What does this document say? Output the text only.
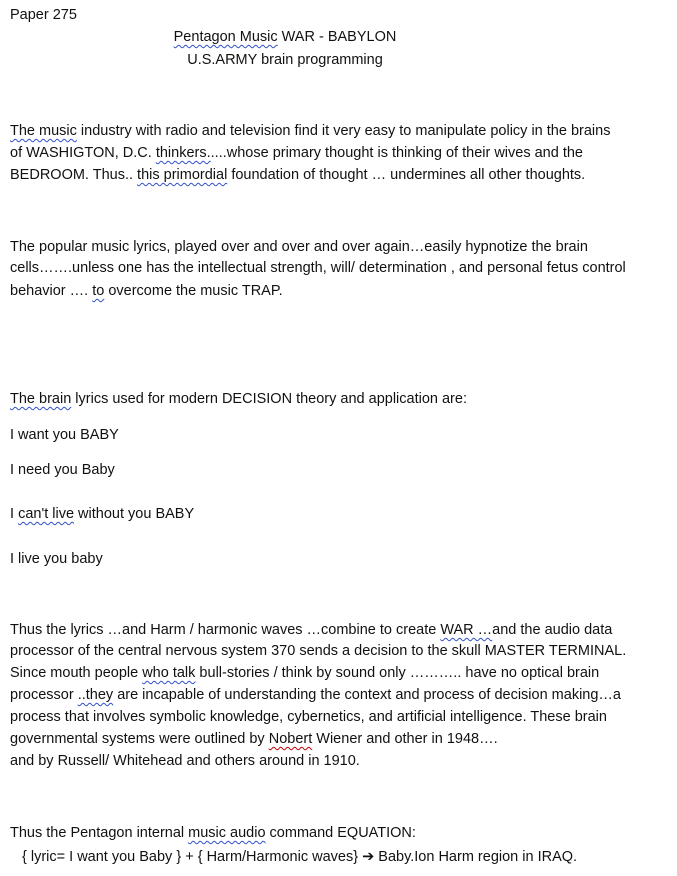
Paper 275
Pentagon Music WAR - BABYLON
U.S.ARMY brain programming
The music industry with radio and television find it very easy to manipulate policy in the brains
of WASHIGTON, D.C. thinkers.....whose primary thought is thinking of their wives and the
BEDROOM. Thus.. this primordial foundation of thought … undermines all other thoughts.
The popular music lyrics, played over and over and over again…easily hypnotize the brain
cells…….unless one has the intellectual strength, will/ determination , and personal fetus control
behavior …. to overcome the music TRAP.
The brain lyrics used for modern DECISION theory and application are:
I want you BABY
I need you Baby
I can't live without you BABY
I live you baby
Thus the lyrics …and Harm / harmonic waves …combine to create WAR …and the audio data
processor of the central nervous system 370 sends a decision to the skull MASTER TERMINAL.
Since mouth people who talk bull-stories / think by sound only ……….. have no optical brain
processor ..they are incapable of understanding the context and process of decision making…a
process that involves symbolic knowledge, cybernetics, and artificial intelligence. These brain
governmental systems were outlined by Nobert Wiener and other in 1948….
and by Russell/ Whitehead and others around in 1910.
Thus the Pentagon internal music audio command EQUATION:
{ lyric= I want you Baby } + { Harm/Harmonic waves} ➔ Baby.Ion Harm region in IRAQ.
